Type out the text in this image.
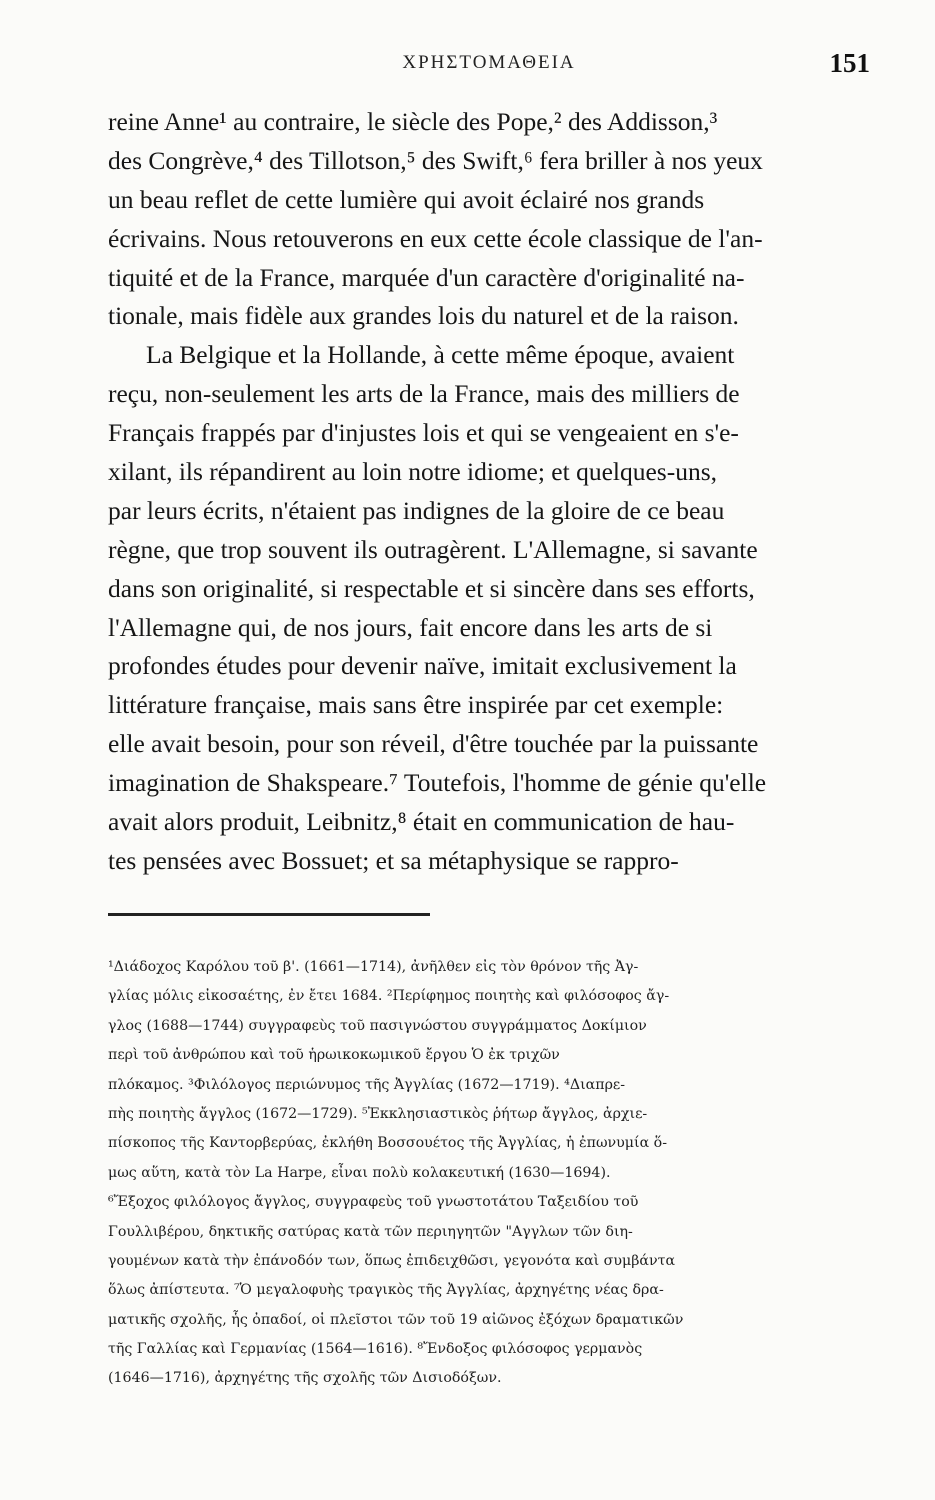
ΧΡΗΣΤΟΜΑΘΕΙΑ	151
reine Anne¹ au contraire, le siècle des Pope,² des Addisson,³
des Congrève,⁴ des Tillotson,⁵ des Swift,⁶ fera briller à nos yeux
un beau reflet de cette lumière qui avoit éclairé nos grands
écrivains. Nous retouverons en eux cette école classique de l'an-
tiquité et de la France, marquée d'un caractère d'originalité na-
tionale, mais fidèle aux grandes lois du naturel et de la raison.
La Belgique et la Hollande, à cette même époque, avaient
reçu, non-seulement les arts de la France, mais des milliers de
Français frappés par d'injustes lois et qui se vengeaient en s'e-
xilant, ils répandirent au loin notre idiome; et quelques-uns,
par leurs écrits, n'étaient pas indignes de la gloire de ce beau
règne, que trop souvent ils outragèrent. L'Allemagne, si savante
dans son originalité, si respectable et si sincère dans ses efforts,
l'Allemagne qui, de nos jours, fait encore dans les arts de si
profondes études pour devenir naïve, imitait exclusivement la
littérature française, mais sans être inspirée par cet exemple:
elle avait besoin, pour son réveil, d'être touchée par la puissante
imagination de Shakspeare.⁷ Toutefois, l'homme de génie qu'elle
avait alors produit, Leibnitz,⁸ était en communication de hau-
tes pensées avec Bossuet; et sa métaphysique se rappro-
¹Διάδοχος Καρόλου τοῦ β'. (1661—1714), ἀνῆλθεν εἰς τὸν θρόνον τῆς Ἀγ-
γλίας μόλις εἰκοσαέτης, ἐν ἔτει 1684. ²Περίφημος ποιητὴς καὶ φιλόσοφος ἄγ-
γλος (1688—1744) συγγραφεὺς τοῦ πασιγνώστου συγγράμματος Δοκίμιον
περὶ τοῦ ἀνθρώπου καὶ τοῦ ἡρωικοκωμικοῦ ἔργου Ὁ ἐκ τριχῶν
πλόκαμος. ³Φιλόλογος περιώνυμος τῆς Ἀγγλίας (1672—1719). ⁴Διαπρε-
πὴς ποιητὴς ἄγγλος (1672—1729). ⁵Ἐκκλησιαστικὸς ῥήτωρ ἄγγλος, ἀρχιε-
πίσκοπος τῆς Καντορβερύας, ἐκλήθη Βοσσουέτος τῆς Ἀγγλίας, ἡ ἐπωνυμία ὅ-
μως αὕτη, κατὰ τὸν La Harpe, εἶναι πολὺ κολακευτική (1630—1694).
⁶Ἔξοχος φιλόλογος ἄγγλος, συγγραφεὺς τοῦ γνωστοτάτου Ταξειδίου τοῦ
Γουλλιβέρου, δηκτικῆς σατύρας κατὰ τῶν περιηγητῶν "Αγγλων τῶν διη-
γουμένων κατὰ τὴν ἐπάνοδόν των, ὅπως ἐπιδειχθῶσι, γεγονότα καὶ συμβάντα
ὅλως ἀπίστευτα. ⁷Ὁ μεγαλοφυὴς τραγικὸς τῆς Ἀγγλίας, ἀρχηγέτης νέας δρα-
ματικῆς σχολῆς, ἧς ὀπαδοί, οἱ πλεῖστοι τῶν τοῦ 19 αἰῶνος ἐξόχων δραματικῶν
τῆς Γαλλίας καὶ Γερμανίας (1564—1616). ⁸Ἔνδοξος φιλόσοφος γερμανὸς
(1646—1716), ἀρχηγέτης τῆς σχολῆς τῶν Δισιοδόξων.
